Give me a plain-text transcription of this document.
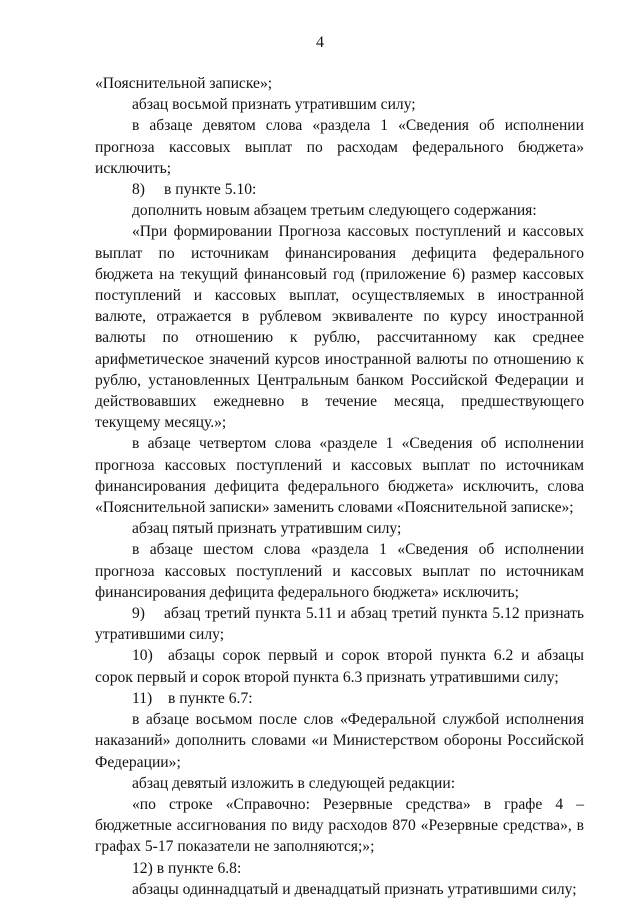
4

«Пояснительной записке»;

абзац восьмой признать утратившим силу;

в абзаце девятом слова «раздела 1 «Сведения об исполнении прогноза кассовых выплат по расходам федерального бюджета» исключить;

8) в пункте 5.10:

дополнить новым абзацем третьим следующего содержания:

«При формировании Прогноза кассовых поступлений и кассовых выплат по источникам финансирования дефицита федерального бюджета на текущий финансовый год (приложение 6) размер кассовых поступлений и кассовых выплат, осуществляемых в иностранной валюте, отражается в рублевом эквиваленте по курсу иностранной валюты по отношению к рублю, рассчитанному как среднее арифметическое значений курсов иностранной валюты по отношению к рублю, установленных Центральным банком Российской Федерации и действовавших ежедневно в течение месяца, предшествующего текущему месяцу.»;

в абзаце четвертом слова «разделе 1 «Сведения об исполнении прогноза кассовых поступлений и кассовых выплат по источникам финансирования дефицита федерального бюджета» исключить, слова «Пояснительной записки» заменить словами «Пояснительной записке»;

абзац пятый признать утратившим силу;

в абзаце шестом слова «раздела 1 «Сведения об исполнении прогноза кассовых поступлений и кассовых выплат по источникам финансирования дефицита федерального бюджета» исключить;

9) абзац третий пункта 5.11 и абзац третий пункта 5.12 признать утратившими силу;

10) абзацы сорок первый и сорок второй пункта 6.2 и абзацы сорок первый и сорок второй пункта 6.3 признать утратившими силу;

11) в пункте 6.7:

в абзаце восьмом после слов «Федеральной службой исполнения наказаний» дополнить словами «и Министерством обороны Российской Федерации»;

абзац девятый изложить в следующей редакции:

«по строке «Справочно: Резервные средства» в графе 4 – бюджетные ассигнования по виду расходов 870 «Резервные средства», в графах 5-17 показатели не заполняются;»;

12) в пункте 6.8:

абзацы одиннадцатый и двенадцатый признать утратившими силу;
